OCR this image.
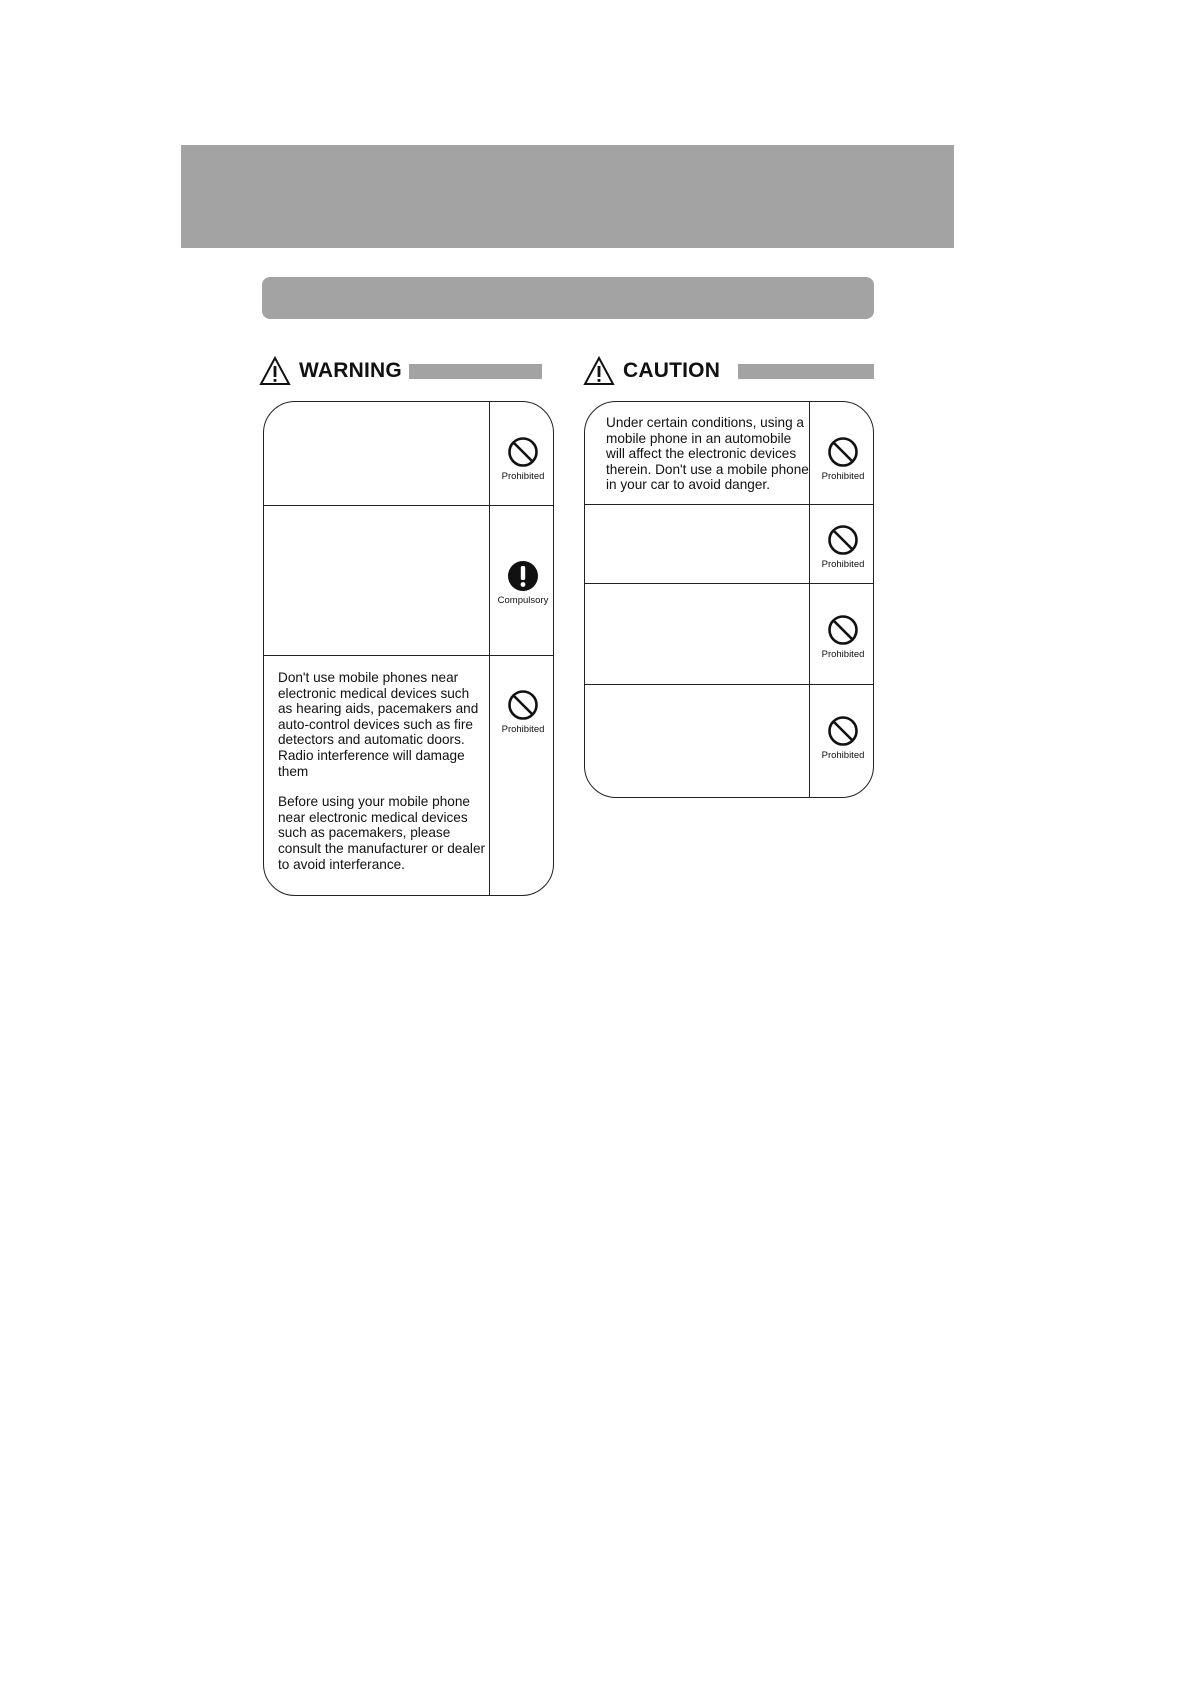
WARNING	CAUTION
Prohibited
Compulsory

Don't use mobile phones near electronic medical devices such as hearing aids, pacemakers and auto-control devices such as fire detectors and automatic doors. Radio interference will damage them

Before using your mobile phone near electronic medical devices such as pacemakers, please consult the manufacturer or dealer to avoid interferance.

Prohibited

Under certain conditions, using a mobile phone in an automobile will affect the electronic devices therein. Don't use a mobile phone in your car to avoid danger.

Prohibited
Prohibited
Prohibited
Prohibited
